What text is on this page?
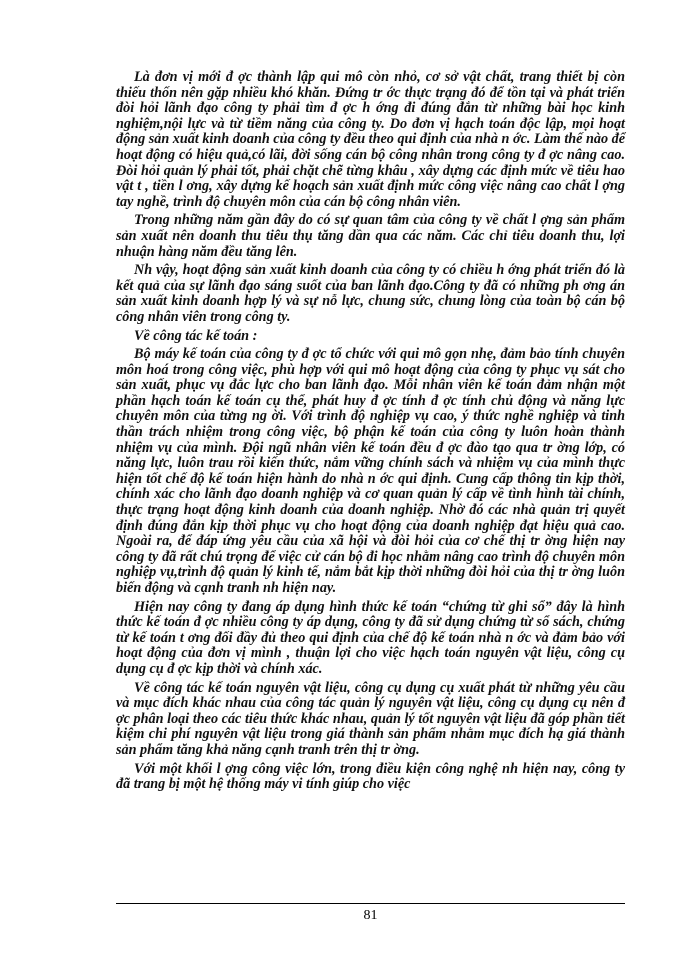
Là đơn vị mới đ ợc thành lập qui mô còn nhỏ, cơ sở vật chất, trang thiết bị còn thiếu thốn nên gặp nhiều khó khăn. Đứng tr ớc thực trạng đó để tồn tại và phát triển đòi hỏi lãnh đạo công ty phải tìm đ ợc h ớng đi đúng đắn từ những bài học kinh nghiệm,nội lực và từ tiềm năng của công ty. Do đơn vị hạch toán độc lập, mọi hoạt động sản xuất kinh doanh của công ty đều theo qui định của nhà n ớc. Làm thế nào để hoạt động có hiệu quả,có lãi, đời sống cán bộ công nhân trong công ty đ ợc nâng cao. Đòi hỏi quản lý phải tốt, phải chặt chẽ từng khâu , xây dựng các định mức về tiêu hao vật t , tiền l ơng, xây dựng kế hoạch sản xuất định mức công việc nâng cao chất l ợng tay nghề, trình độ chuyên môn của cán bộ công nhân viên.

Trong những năm gần đây do có sự quan tâm của công ty về chất l ợng sản phẩm sản xuất nên doanh thu tiêu thụ tăng dần qua các năm. Các chỉ tiêu doanh thu, lợi nhuận hàng năm đều tăng lên.

Nh vậy, hoạt động sản xuất kinh doanh của công ty có chiều h ớng phát triển đó là kết quả của sự lãnh đạo sáng suốt của ban lãnh đạo.Công ty đã có những ph ơng án sản xuất kinh doanh hợp lý và sự nỗ lực, chung sức, chung lòng của toàn bộ cán bộ công nhân viên trong công ty.

Về công tác kế toán :

Bộ máy kế toán của công ty đ ợc tổ chức với qui mô gọn nhẹ, đảm bảo tính chuyên môn hoá trong công việc, phù hợp với qui mô hoạt động của công ty phục vụ sát cho sản xuất, phục vụ đắc lực cho ban lãnh đạo. Mỗi nhân viên kế toán đảm nhận một phần hạch toán kế toán cụ thể, phát huy đ ợc tính đ ợc tính chủ động và năng lực chuyên môn của từng ng ời. Với trình độ nghiệp vụ cao, ý thức nghề nghiệp và tinh thần trách nhiệm trong công việc, bộ phận kế toán của công ty luôn hoàn thành nhiệm vụ của mình. Đội ngũ nhân viên kế toán đều đ ợc đào tạo qua tr ờng lớp, có năng lực, luôn trau rồi kiến thức, nắm vững chính sách và nhiệm vụ của mình thực hiện tốt chế độ kế toán hiện hành do nhà n ớc qui định. Cung cấp thông tin kịp thời, chính xác cho lãnh đạo doanh nghiệp và cơ quan quản lý cấp về tình hình tài chính, thực trạng hoạt động kinh doanh của doanh nghiệp. Nhờ đó các nhà quản trị quyết định đúng đắn kịp thời phục vụ cho hoạt động của doanh nghiệp đạt hiệu quả cao. Ngoài ra, để đáp ứng yêu cầu của xã hội và đòi hỏi của cơ chế thị tr ờng hiện nay công ty đã rất chú trọng để việc cử cán bộ đi học nhằm nâng cao trình độ chuyên môn nghiệp vụ,trình độ quản lý kinh tế, nắm bắt kịp thời những đòi hỏi của thị tr ờng luôn biến động và cạnh tranh nh hiện nay.

Hiện nay công ty đang áp dụng hình thức kế toán “chứng từ ghi sổ” đây là hình thức kế toán đ ợc nhiều công ty áp dụng, công ty đã sử dụng chứng từ sổ sách, chứng từ kế toán t ơng đối đầy đủ theo qui định của chế độ kế toán nhà n ớc và đảm bảo với hoạt động của đơn vị mình , thuận lợi cho việc hạch toán nguyên vật liệu, công cụ dụng cụ đ ợc kịp thời và chính xác.

Về công tác kế toán nguyên vật liệu, công cụ dụng cụ xuất phát từ những yêu cầu và mục đích khác nhau của công tác quản lý nguyên vật liệu, công cụ dụng cụ nên đ ợc phân loại theo các tiêu thức khác nhau, quản lý tốt nguyên vật liệu đã góp phần tiết kiệm chi phí nguyên vật liệu trong giá thành sản phẩm nhằm mục đích hạ giá thành sản phẩm tăng khả năng cạnh tranh trên thị tr ờng.

Với một khối l ợng công việc lớn, trong điều kiện công nghệ nh hiện nay, công ty đã trang bị một hệ thống máy vi tính giúp cho việc

81
